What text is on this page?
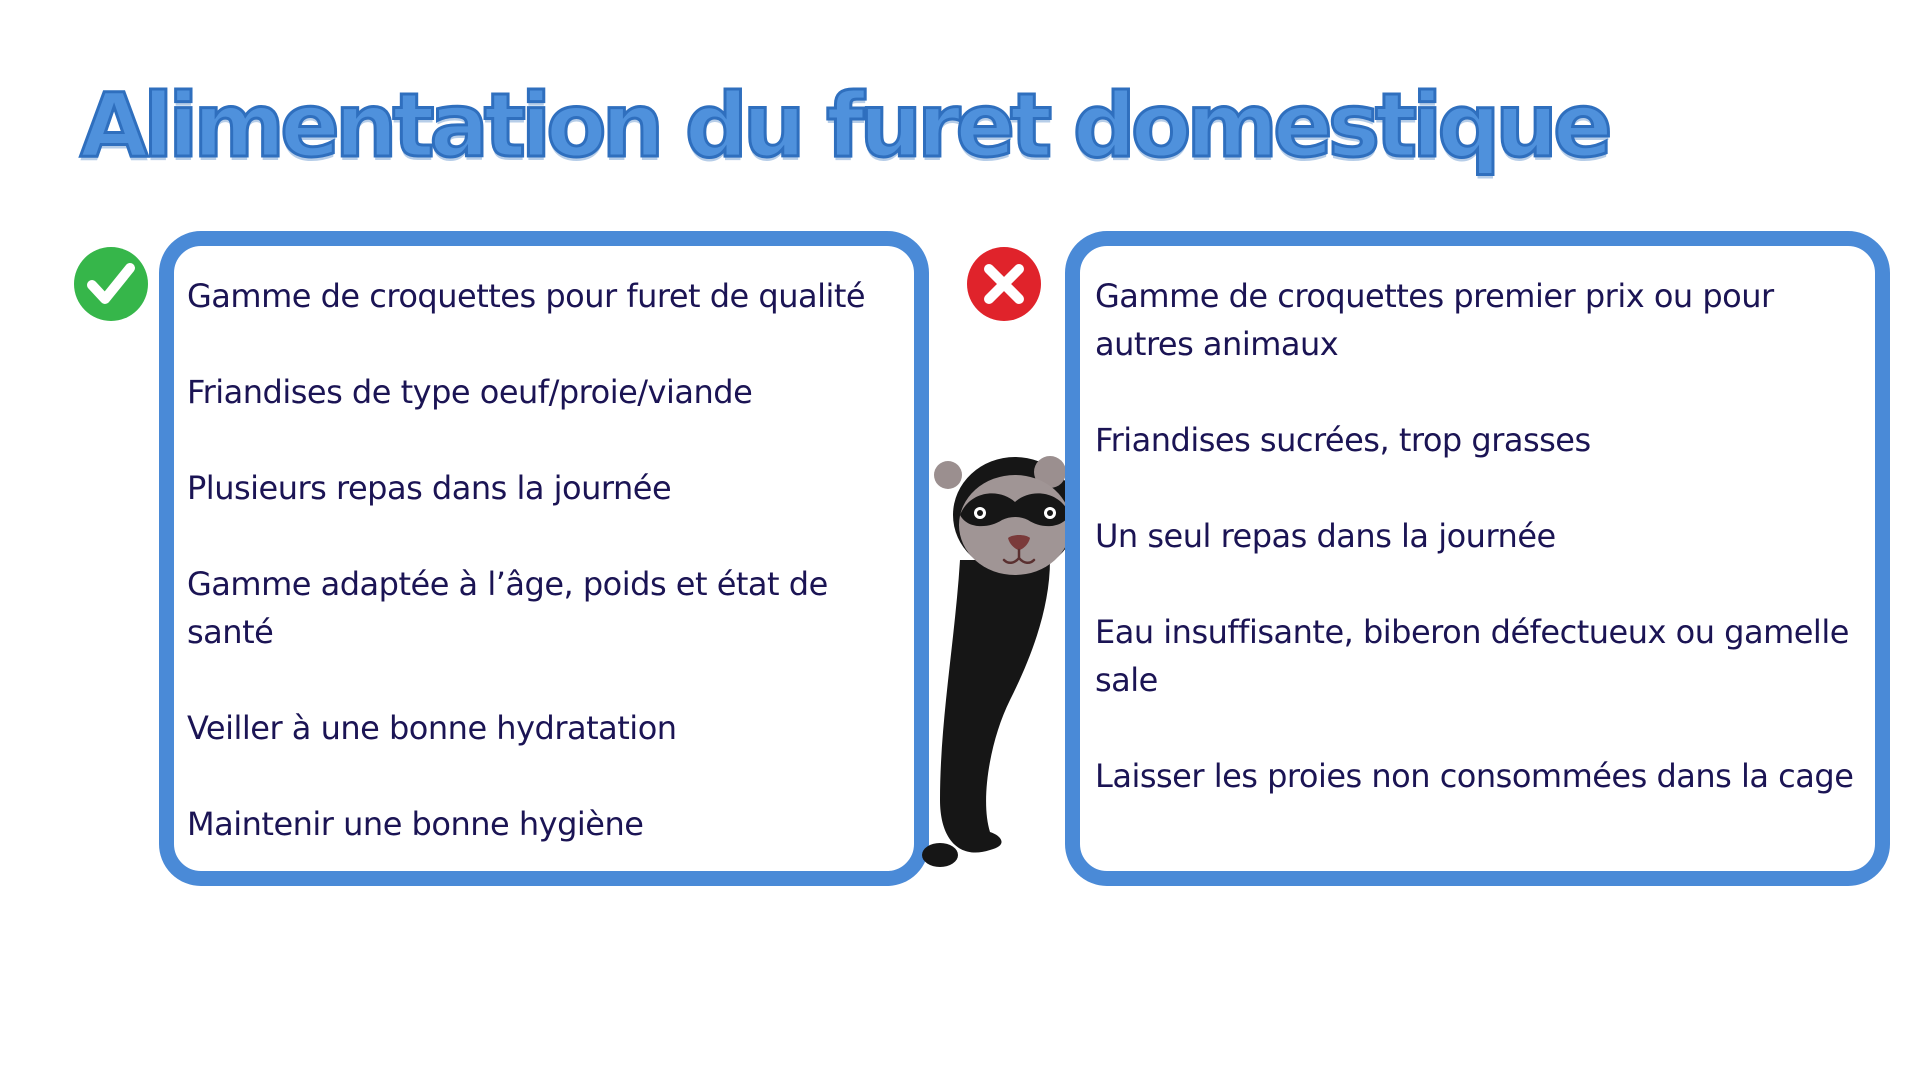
Alimentation du furet domestique
Gamme de croquettes pour furet de qualité
Friandises de type oeuf/proie/viande
Plusieurs repas dans la journée
Gamme adaptée à l’âge, poids et état de santé
Veiller à une bonne hydratation
Maintenir une bonne hygiène
Gamme de croquettes premier prix ou pour autres animaux
Friandises sucrées, trop grasses
Un seul repas dans la journée
Eau insuffisante, biberon défectueux ou gamelle sale
Laisser les proies non consommées dans la cage
